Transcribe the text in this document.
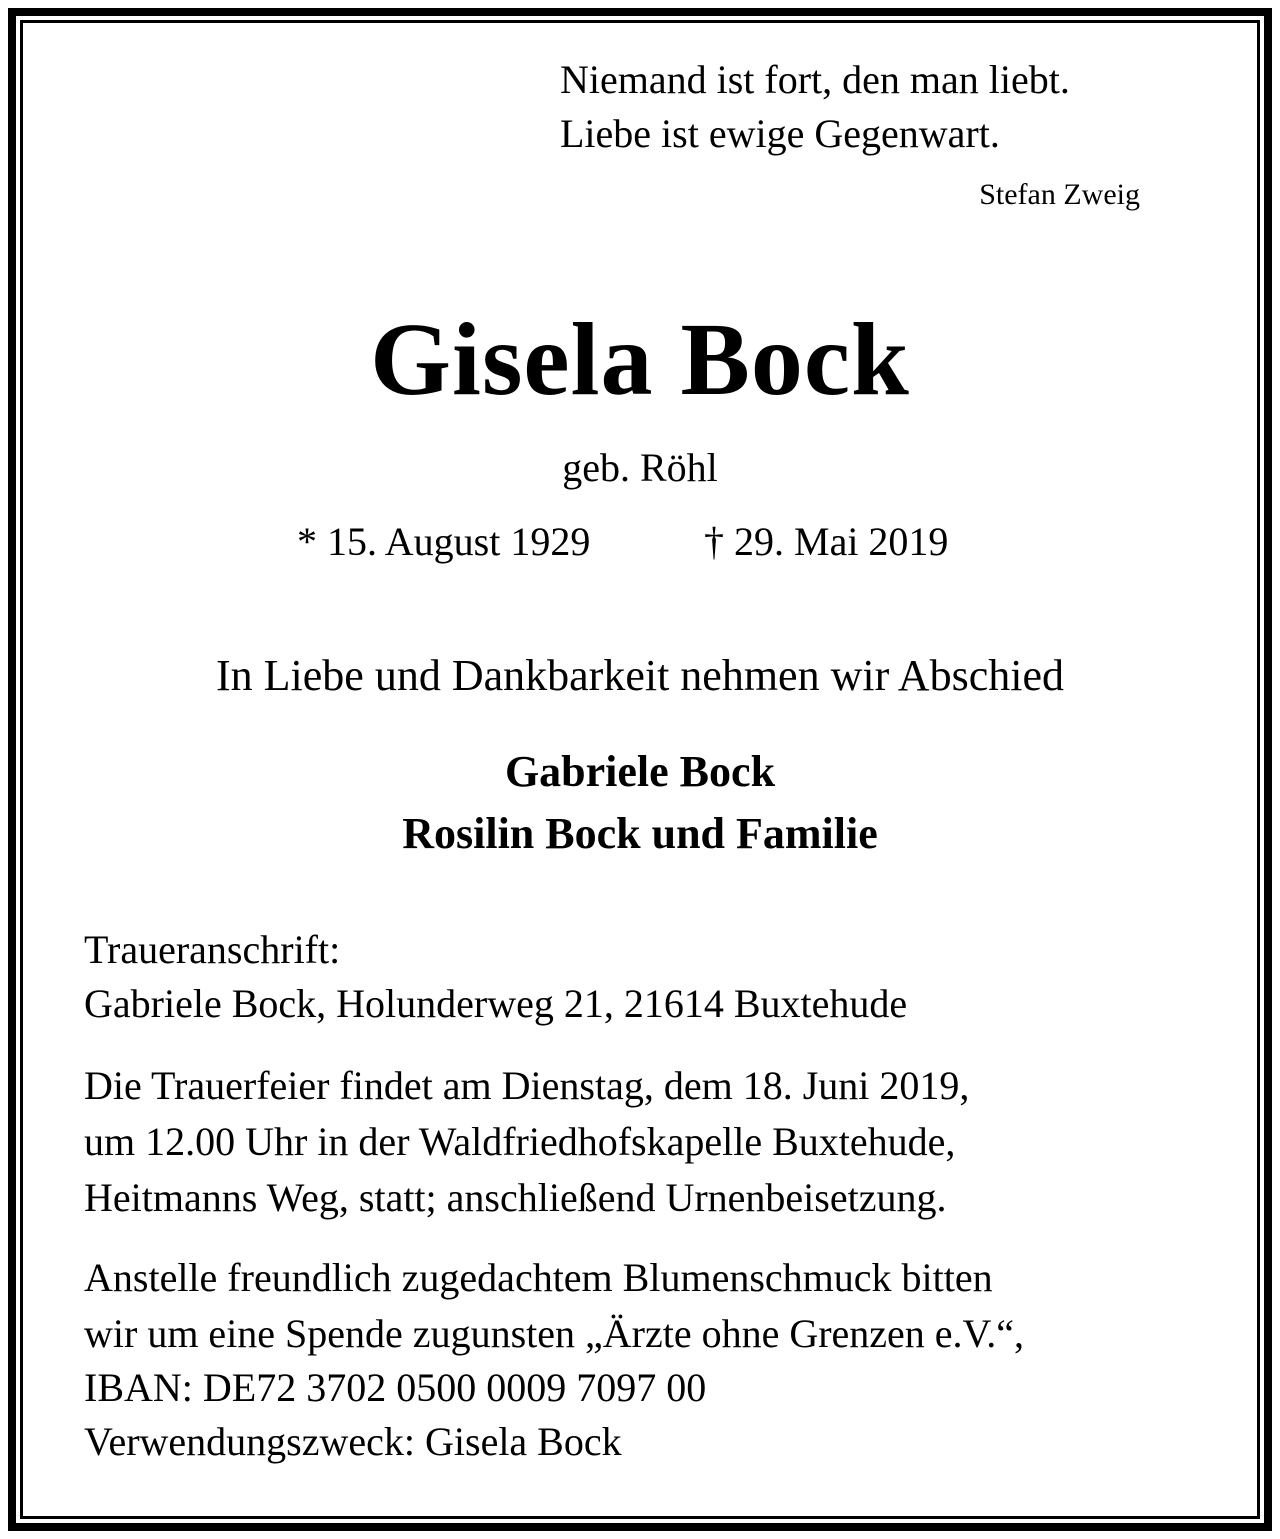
Niemand ist fort, den man liebt.
Liebe ist ewige Gegenwart.
Stefan Zweig
Gisela Bock
geb. Röhl
* 15. August 1929	† 29. Mai 2019
In Liebe und Dankbarkeit nehmen wir Abschied
Gabriele Bock
Rosilin Bock und Familie
Traueranschrift:
Gabriele Bock, Holunderweg 21, 21614 Buxtehude
Die Trauerfeier findet am Dienstag, dem 18. Juni 2019,
um 12.00 Uhr in der Waldfriedhofskapelle Buxtehude,
Heitmanns Weg, statt; anschließend Urnenbeisetzung.
Anstelle freundlich zugedachtem Blumenschmuck bitten
wir um eine Spende zugunsten „Ärzte ohne Grenzen e.V.“,
IBAN: DE72 3702 0500 0009 7097 00
Verwendungszweck: Gisela Bock
